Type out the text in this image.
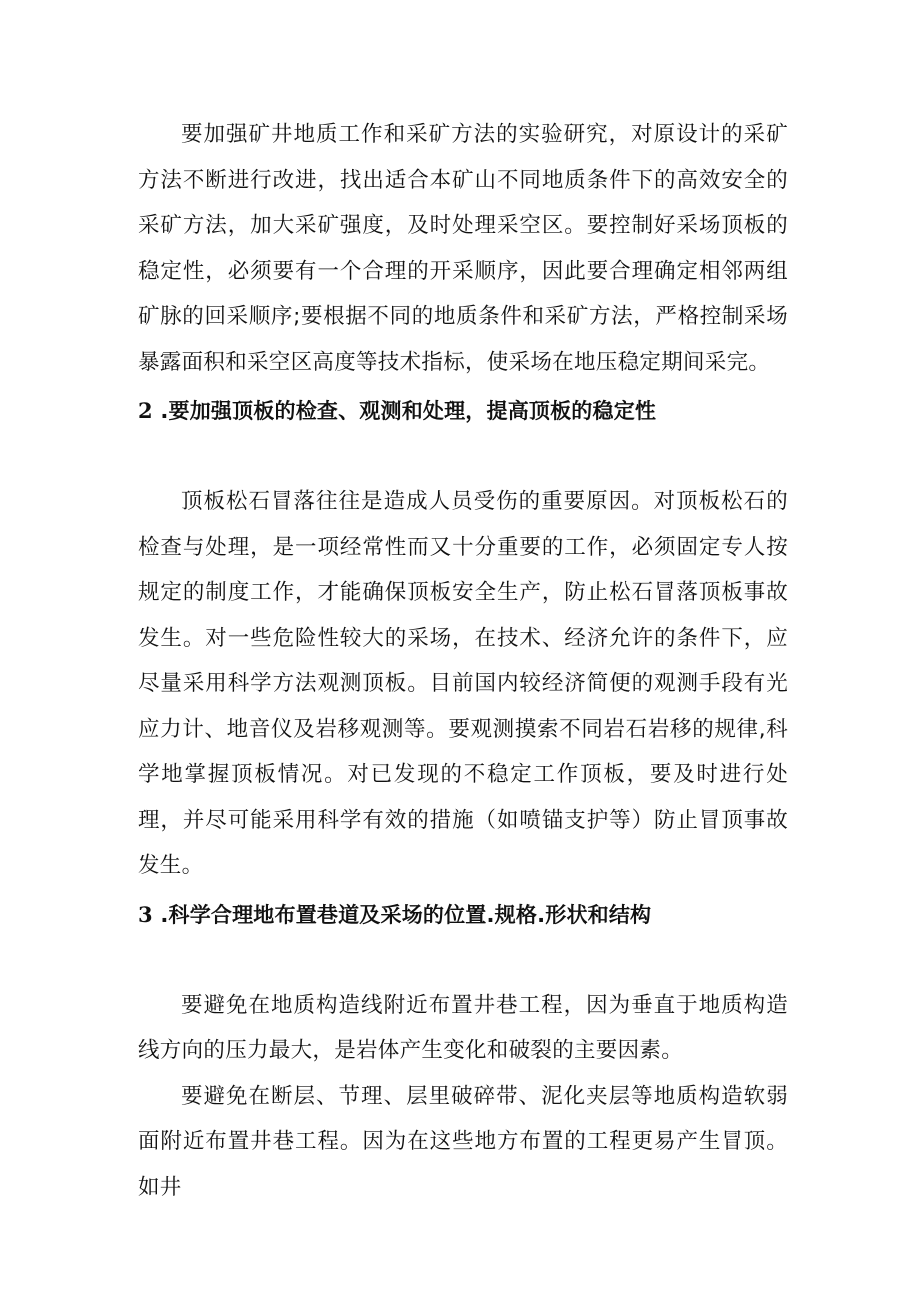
要加强矿井地质工作和采矿方法的实验研究，对原设计的采矿方法不断进行改进，找出适合本矿山不同地质条件下的高效安全的采矿方法，加大采矿强度，及时处理采空区。要控制好采场顶板的稳定性，必须要有一个合理的开采顺序，因此要合理确定相邻两组矿脉的回采顺序;要根据不同的地质条件和采矿方法，严格控制采场暴露面积和采空区高度等技术指标，使采场在地压稳定期间采完。

2 .要加强顶板的检查、观测和处理，提高顶板的稳定性

顶板松石冒落往往是造成人员受伤的重要原因。对顶板松石的检查与处理，是一项经常性而又十分重要的工作，必须固定专人按规定的制度工作，才能确保顶板安全生产，防止松石冒落顶板事故发生。对一些危险性较大的采场，在技术、经济允许的条件下，应尽量采用科学方法观测顶板。目前国内较经济简便的观测手段有光应力计、地音仪及岩移观测等。要观测摸索不同岩石岩移的规律,科学地掌握顶板情况。对已发现的不稳定工作顶板，要及时进行处理，并尽可能采用科学有效的措施（如喷锚支护等）防止冒顶事故发生。

3 .科学合理地布置巷道及采场的位置.规格.形状和结构

要避免在地质构造线附近布置井巷工程，因为垂直于地质构造线方向的压力最大，是岩体产生变化和破裂的主要因素。

要避免在断层、节理、层里破碎带、泥化夹层等地质构造软弱面附近布置井巷工程。因为在这些地方布置的工程更易产生冒顶。如井
